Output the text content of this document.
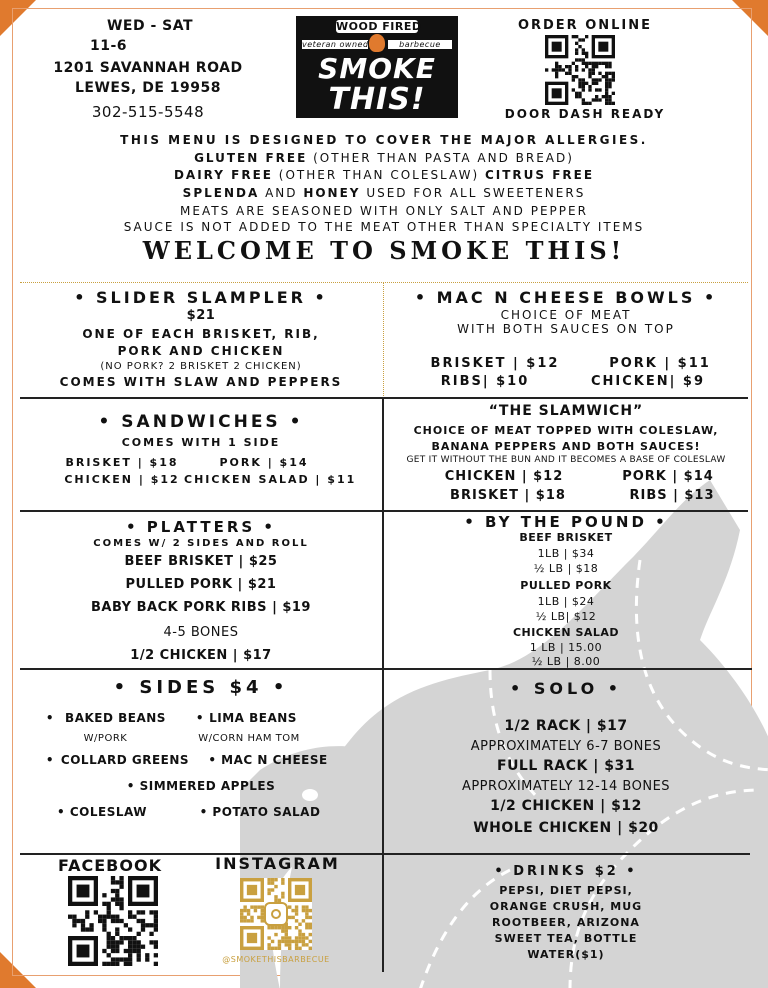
WED - SAT
11-6
1201 SAVANNAH ROAD
LEWES, DE 19958
302-515-5548
WOOD FIRED
veteran owned	barbecue
SMOKE
THIS!
ORDER ONLINE
DOOR DASH READY
THIS MENU IS DESIGNED TO COVER THE MAJOR ALLERGIES.
GLUTEN FREE (OTHER THAN PASTA AND BREAD)
DAIRY FREE (OTHER THAN COLESLAW) CITRUS FREE
SPLENDA AND HONEY USED FOR ALL SWEETENERS
MEATS ARE SEASONED WITH ONLY SALT AND PEPPER
SAUCE IS NOT ADDED TO THE MEAT OTHER THAN SPECIALTY ITEMS
WELCOME TO SMOKE THIS!
• SLIDER SLAMPLER •
$21
ONE OF EACH BRISKET, RIB,
PORK AND CHICKEN
(NO PORK? 2 BRISKET 2 CHICKEN)
COMES WITH SLAW AND PEPPERS
• MAC N CHEESE BOWLS •
CHOICE OF MEAT
WITH BOTH SAUCES ON TOP
BRISKET | $12	PORK | $11
RIBS| $10	CHICKEN| $9
• SANDWICHES •
COMES WITH 1 SIDE
BRISKET | $18	PORK | $14
CHICKEN | $12 CHICKEN SALAD | $11
“THE SLAMWICH”
CHOICE OF MEAT TOPPED WITH COLESLAW,
BANANA PEPPERS AND BOTH SAUCES!
GET IT WITHOUT THE BUN AND IT BECOMES A BASE OF COLESLAW
CHICKEN | $12	PORK | $14
BRISKET | $18	RIBS | $13
• PLATTERS •
COMES W/ 2 SIDES AND ROLL
BEEF BRISKET | $25
PULLED PORK | $21
BABY BACK PORK RIBS | $19
4-5 BONES
1/2 CHICKEN | $17
• BY THE POUND •
BEEF BRISKET
1LB | $34
½ LB | $18
PULLED PORK
1LB | $24
½ LB| $12
CHICKEN SALAD
1 LB | 15.00
½ LB | 8.00
• SIDES $4 •
• BAKED BEANS
W/PORK
• LIMA BEANS
W/CORN HAM TOM
• COLLARD GREENS	• MAC N CHEESE
• SIMMERED APPLES
• COLESLAW	• POTATO SALAD
• SOLO •
1/2 RACK | $17
APPROXIMATELY 6-7 BONES
FULL RACK | $31
APPROXIMATELY 12-14 BONES
1/2 CHICKEN | $12
WHOLE CHICKEN | $20
FACEBOOK	INSTAGRAM
@SMOKETHISBARBECUE
• DRINKS $2 •
PEPSI, DIET PEPSI,
ORANGE CRUSH, MUG
ROOTBEER, ARIZONA
SWEET TEA, BOTTLE
WATER($1)
